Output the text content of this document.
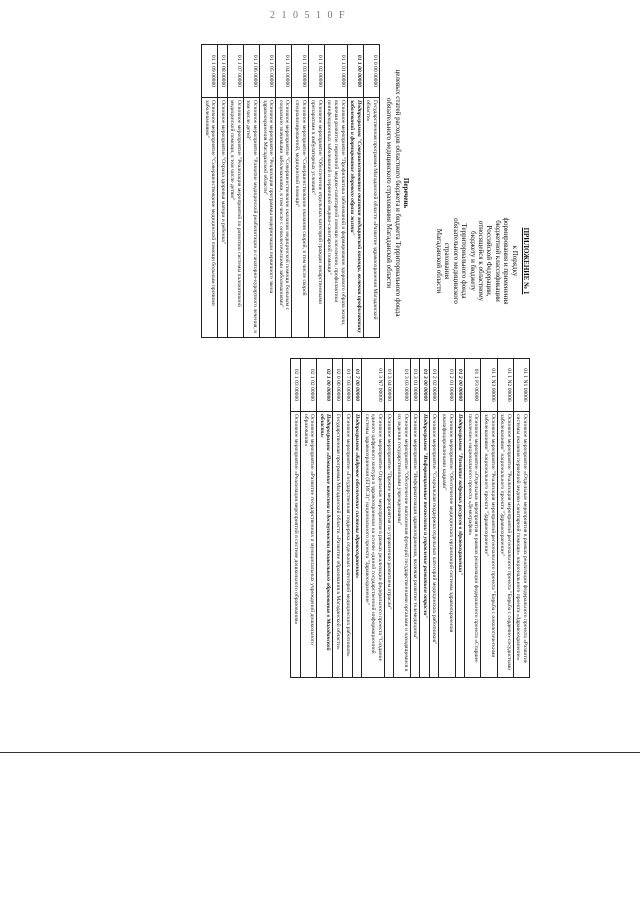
2 1 0 5 1 0 F
01 1 N1 00000	Основное мероприятие «Отдельные мероприятия в рамках реализации федерального проекта «Развитие системы оказания первичной медико-санитарной помощи» национального проекта «Здравоохранение»
01 1 N2 00000	Основное мероприятие "Реализация мероприятий регионального проекта "Борьба с сердечно-сосудистыми заболеваниями" национального проекта "Здравоохранение"
01 1 N3 00000	Основное мероприятие "Реализация мероприятий регионального проекта "Борьба с онкологическими заболеваниями" национального проекта "Здравоохранение"
01 1 P3 00000	Основное мероприятие «Отдельные мероприятия в рамках реализации федерального проекта «Старшее поколение» национального проекта «Демография»
01 2 00 00000	Подпрограмма "Развитие кадровых ресурсов в здравоохранении"
01 2 01 00000	Основное мероприятие "Обеспечение медицинских организаций системы здравоохранения квалифицированными кадрами"
01 2 02 00000	Основное мероприятие "Социальная поддержка отдельных категорий медицинских работников"
01 3 00 00000	Подпрограмма "Информационные технологии и управление развитием отрасли"
01 3 01 00000	Основное мероприятие "Информатизация здравоохранения, включая развитие телемедицины"
01 3 03 00000	Основное мероприятие "Обеспечение выполнения функций государственными органами и находящимися в их ведении государственными учреждениями"
01 3 04 00000	Основное мероприятие "Прочие мероприятия по управлению развитием отрасли"
01 3 N7 00000	Основное мероприятие Отдельные мероприятия в рамках реализации федерального проекта "Создание единого цифрового контура в здравоохранении на основе единой государственной информационной системы здравоохранения (ЕГИСЗ)" национального проекта "Здравоохранение"
01 7 00 00000	Подпрограмма «Кадровое обеспечение системы здравоохранения»
01 7 03 00000	Основное мероприятие «Государственная поддержка отдельных категорий медицинских работников»
02 0 00 00000	Государственная программа Магаданской области «Развитие образования в Магаданской области»
02 1 00 00000	Подпрограмма «Повышение качества и доступности дошкольного образования в Магаданской области»
02 1 02 00000	Основное мероприятие «Развитие государственных и муниципальных учреждений дошкольного образования»
02 1 03 00000	Основное мероприятие «Реализация мероприятий в системе дошкольного образования»
ПРИЛОЖЕНИЕ № 1
к Порядку
формирования и применения
бюджетной классификации
Российской Федерации,
относящейся к областному
бюджету и бюджету
Территориального фонда
обязательного медицинского
страхования
Магаданской области
Перечень
целевых статей расходов областного бюджета и бюджета Территориального фонда
обязательного медицинского страхования Магаданской области
01 0 00 00000	Государственная программа Магаданской области «Развитие здравоохранения Магаданской области»
01 1 00 00000	Подпрограмма "Совершенствование оказания медицинской помощи, включая профилактику заболеваний и формирование здорового образа жизни"
01 1 01 00000	Основное мероприятие "Профилактика заболеваний и формирование здорового образа жизни, включая развитие первичной медико-санитарной помощи населению, профилактики неинфекционных заболеваний и первичной медико-санитарной помощи"
01 1 02 00000	Основное мероприятие "Обеспечение отдельных категорий граждан лекарственными препаратами в амбулаторных условиях"
01 1 03 00000	Основное мероприятие "Совершенствование оказания скорой, в том числе скорой специализированной, медицинской помощи"
01 1 04 00000	Основное мероприятие "Совершенствование оказания медицинской помощи больным с социально значимыми заболеваниями, в том числе с онкологическими заболеваниями"
01 1 05 00000	Основное мероприятие "Реализация программы модернизации первичного звена здравоохранения Магаданской области"
01 1 06 00000	Основное мероприятие "Развитие медицинской реабилитации и санаторно-курортного лечения, в том числе детей"
01 1 07 00000	Основное мероприятие "Реализация мероприятий по развитию системы паллиативной медицинской помощи, в том числе детям"
01 1 08 00000	Основное мероприятие "Охрана здоровья матери и ребенка"
01 1 09 00000	Основное мероприятие "Совершенствование медицинской помощи больным прочими заболеваниями"
